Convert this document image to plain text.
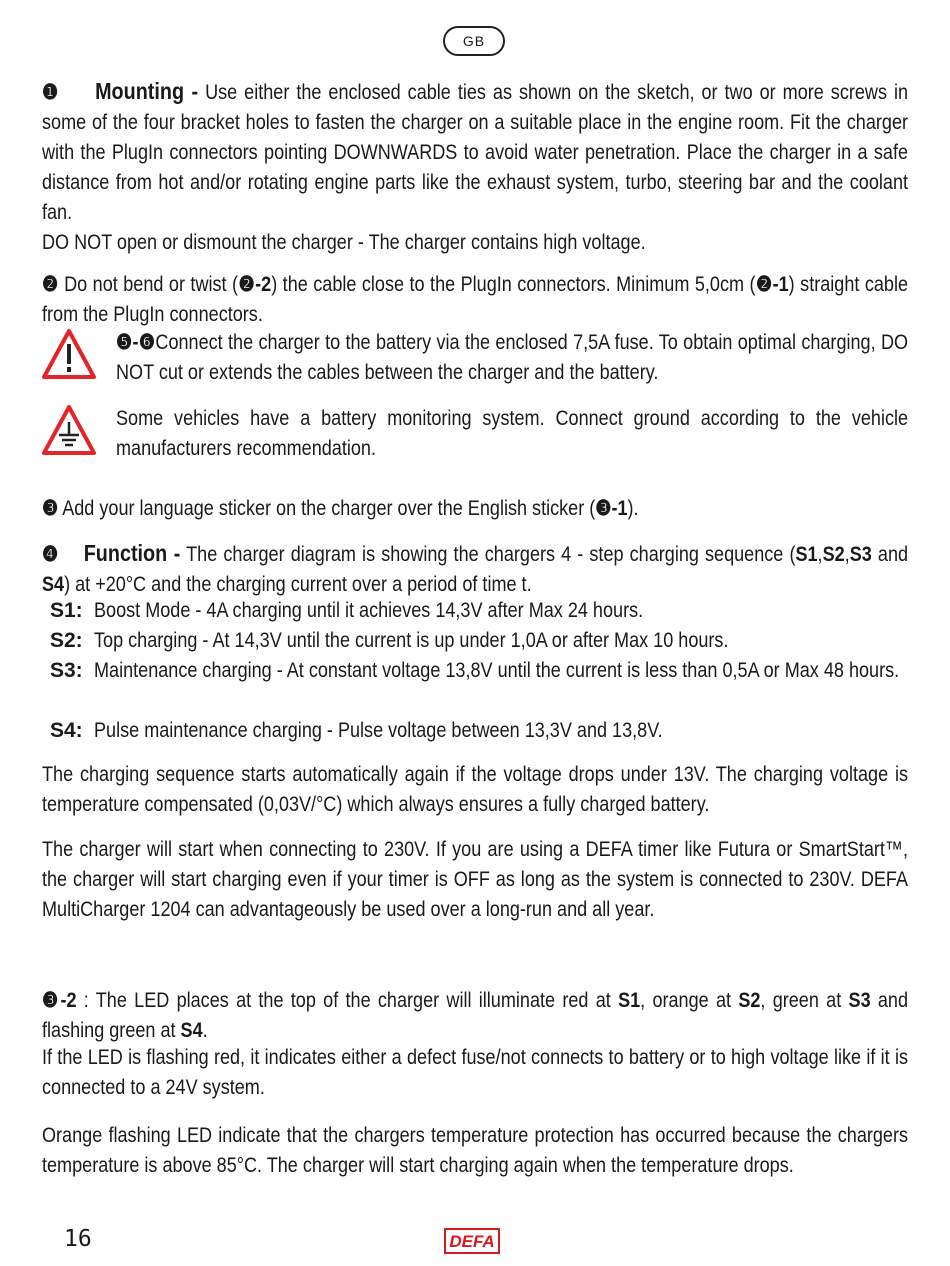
GB

❶ Mounting - Use either the enclosed cable ties as shown on the sketch, or two or more screws in some of the four bracket holes to fasten the charger on a suitable place in the engine room. Fit the charger with the PlugIn connectors pointing DOWNWARDS to avoid water penetration. Place the charger in a safe distance from hot and/or rotating engine parts like the exhaust system, turbo, steering bar and the coolant fan.
DO NOT open or dismount the charger - The charger contains high voltage.

❷ Do not bend or twist (❷-2) the cable close to the PlugIn connectors. Minimum 5,0cm (❷-1) straight cable from the PlugIn connectors.

❺-❻Connect the charger to the battery via the enclosed 7,5A fuse. To obtain optimal charging, DO NOT cut or extends the cables between the charger and the battery.

Some vehicles have a battery monitoring system. Connect ground according to the vehicle manufacturers recommendation.

❸ Add your language sticker on the charger over the English sticker (❸-1).

❹ Function - The charger diagram is showing the chargers 4 - step charging sequence (S1,S2,S3 and S4) at +20°C and the charging current over a period of time t.

S1: Boost Mode - 4A charging until it achieves 14,3V after Max 24 hours.

S2: Top charging - At 14,3V until the current is up under 1,0A or after Max 10 hours.

S3: Maintenance charging - At constant voltage 13,8V until the current is less than 0,5A or Max 48 hours.

S4: Pulse maintenance charging - Pulse voltage between 13,3V and 13,8V.

The charging sequence starts automatically again if the voltage drops under 13V. The charging voltage is temperature compensated (0,03V/°C) which always ensures a fully charged battery.

The charger will start when connecting to 230V. If you are using a DEFA timer like Futura or SmartStart™, the charger will start charging even if your timer is OFF as long as the system is connected to 230V. DEFA MultiCharger 1204 can advantageously be used over a long-run and all year.

❸-2 : The LED places at the top of the charger will illuminate red at S1, orange at S2, green at S3 and flashing green at S4.

If the LED is flashing red, it indicates either a defect fuse/not connects to battery or to high voltage like if it is connected to a 24V system.

Orange flashing LED indicate that the chargers temperature protection has occurred because the chargers temperature is above 85°C. The charger will start charging again when the temperature drops.

16	DEFA
